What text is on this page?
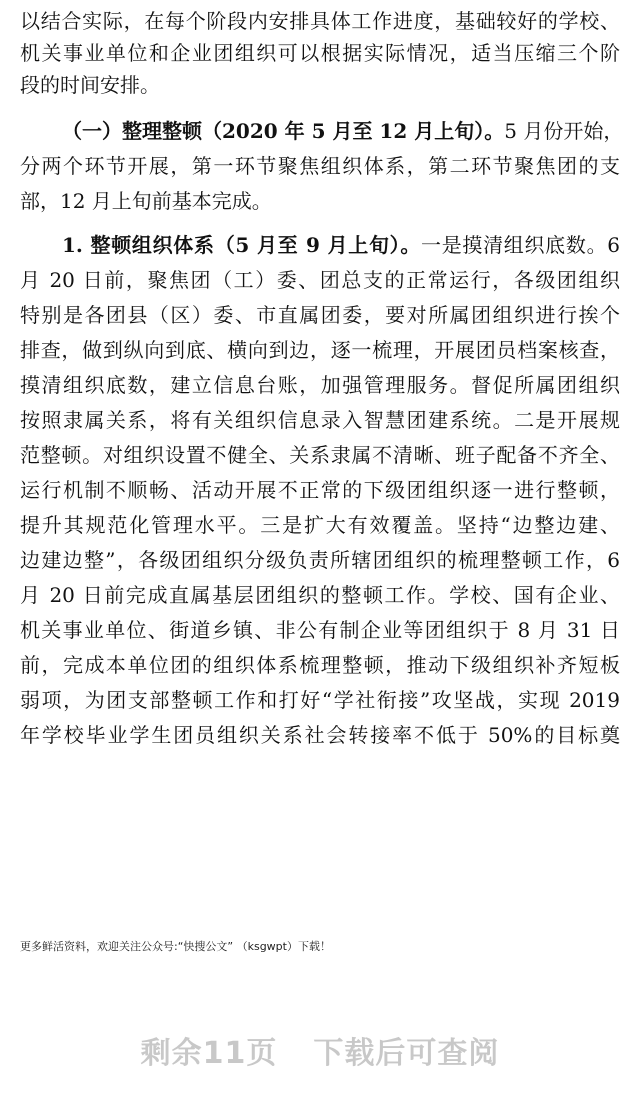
以结合实际，在每个阶段内安排具体工作进度，基础较好的学校、
机关事业单位和企业团组织可以根据实际情况，适当压缩三个阶
段的时间安排。
（一）整理整顿（2020 年 5 月至 12 月上旬）。5 月份开始，
分两个环节开展，第一环节聚焦组织体系，第二环节聚焦团的支
部，12 月上旬前基本完成。
1. 整顿组织体系（5 月至 9 月上旬）。一是摸清组织底数。6
月 20 日前，聚焦团（工）委、团总支的正常运行，各级团组织
特别是各团县（区）委、市直属团委，要对所属团组织进行挨个
排查，做到纵向到底、横向到边，逐一梳理，开展团员档案核查，
摸清组织底数，建立信息台账，加强管理服务。督促所属团组织
按照隶属关系，将有关组织信息录入智慧团建系统。二是开展规
范整顿。对组织设置不健全、关系隶属不清晰、班子配备不齐全、
运行机制不顺畅、活动开展不正常的下级团组织逐一进行整顿，
提升其规范化管理水平。三是扩大有效覆盖。坚持“边整边建、
边建边整”，各级团组织分级负责所辖团组织的梳理整顿工作，6
月 20 日前完成直属基层团组织的整顿工作。学校、国有企业、
机关事业单位、街道乡镇、非公有制企业等团组织于 8 月 31 日
前，完成本单位团的组织体系梳理整顿，推动下级组织补齐短板
弱项，为团支部整顿工作和打好“学社衔接”攻坚战，实现 2019
年学校毕业学生团员组织关系社会转接率不低于 50%的目标奠
更多鲜活资料，欢迎关注公众号:“快搜公文” （ksgwpt）下载！
剩余11页 下载后可查阅
